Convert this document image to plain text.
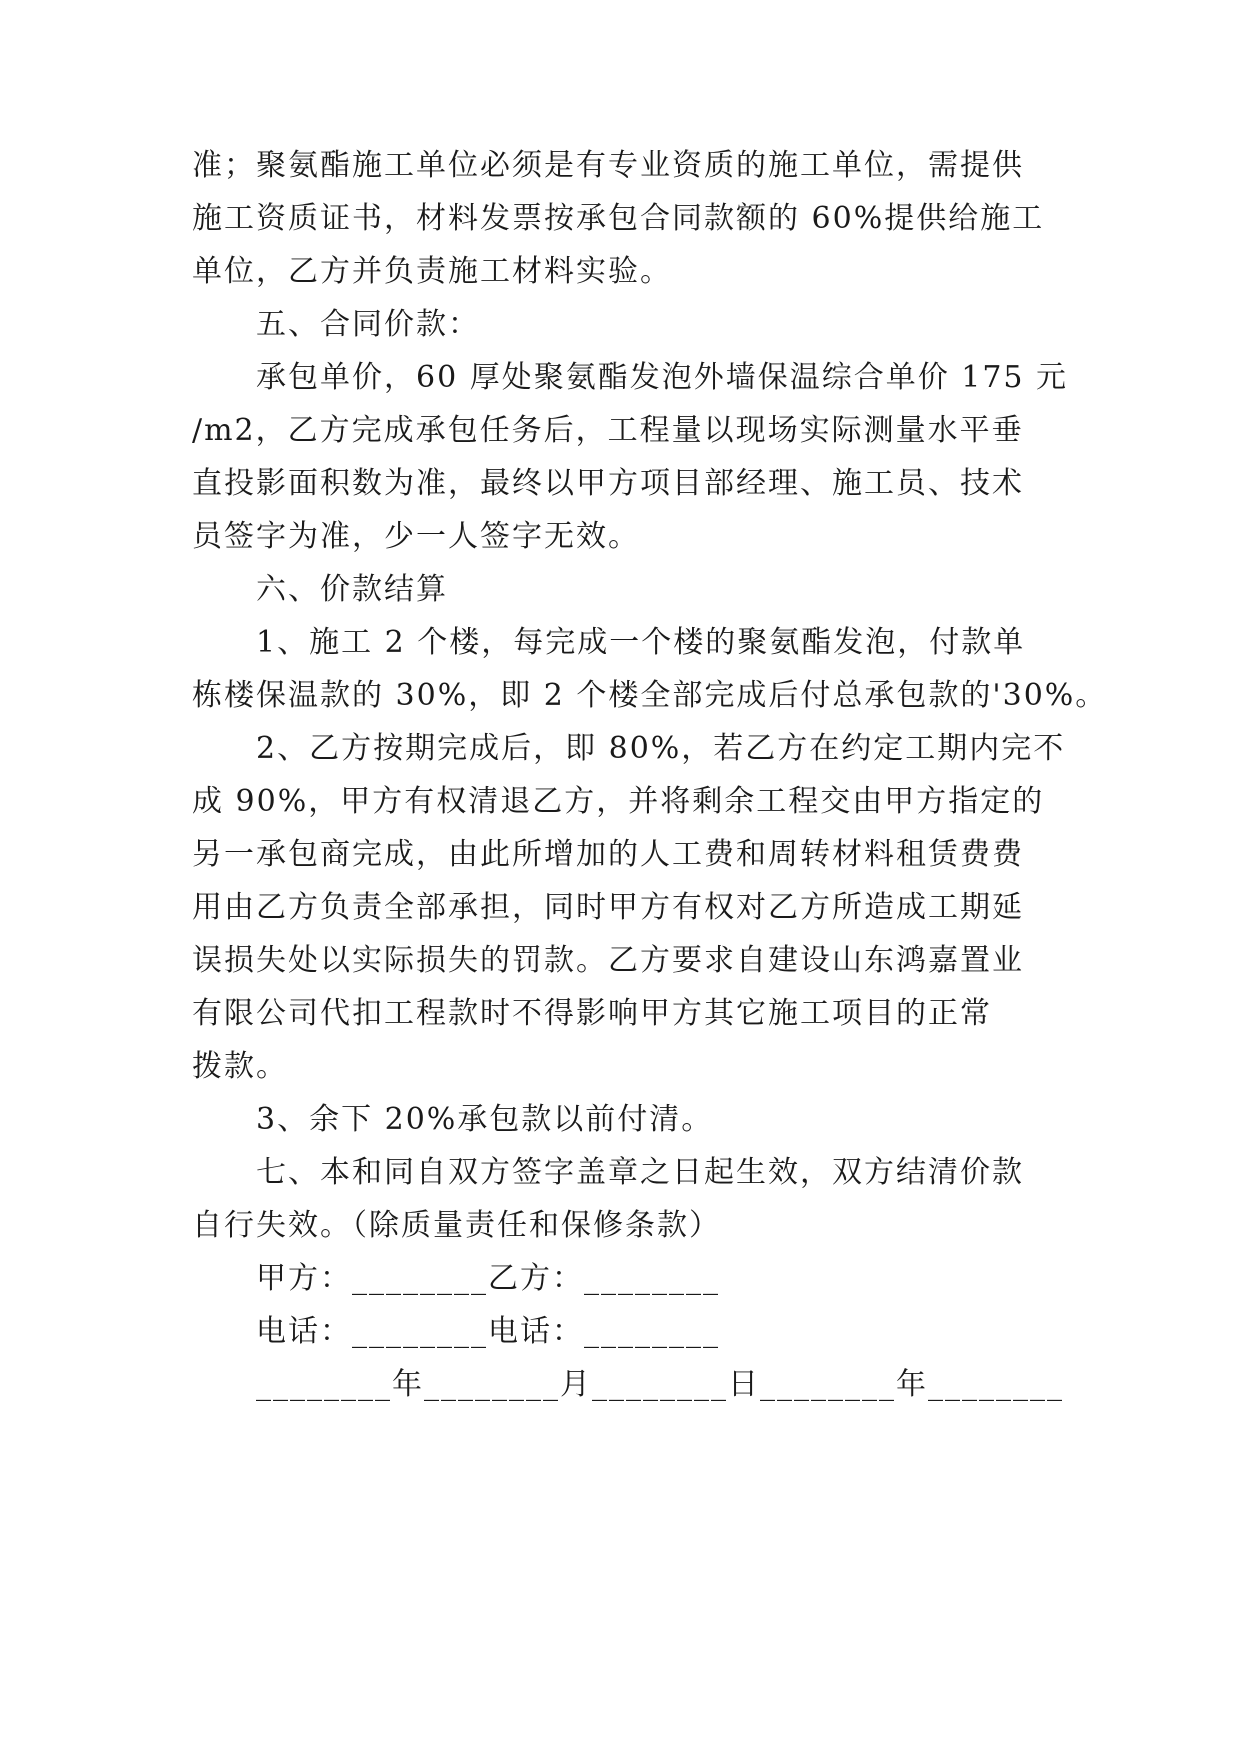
准；聚氨酯施工单位必须是有专业资质的施工单位，需提供
施工资质证书，材料发票按承包合同款额的 60%提供给施工
单位，乙方并负责施工材料实验。
五、合同价款：
承包单价，60 厚处聚氨酯发泡外墙保温综合单价 175 元
/m2，乙方完成承包任务后，工程量以现场实际测量水平垂
直投影面积数为准，最终以甲方项目部经理、施工员、技术
员签字为准，少一人签字无效。
六、价款结算
1、施工 2 个楼，每完成一个楼的聚氨酯发泡，付款单
栋楼保温款的 30%，即 2 个楼全部完成后付总承包款的'30%。
2、乙方按期完成后，即 80%，若乙方在约定工期内完不
成 90%，甲方有权清退乙方，并将剩余工程交由甲方指定的
另一承包商完成，由此所增加的人工费和周转材料租赁费费
用由乙方负责全部承担，同时甲方有权对乙方所造成工期延
误损失处以实际损失的罚款。乙方要求自建设山东鸿嘉置业
有限公司代扣工程款时不得影响甲方其它施工项目的正常
拨款。
3、余下 20%承包款以前付清。
七、本和同自双方签字盖章之日起生效，双方结清价款
自行失效。（除质量责任和保修条款）
甲方：________乙方：________
电话：________电话：________
________年________月________日________年________
